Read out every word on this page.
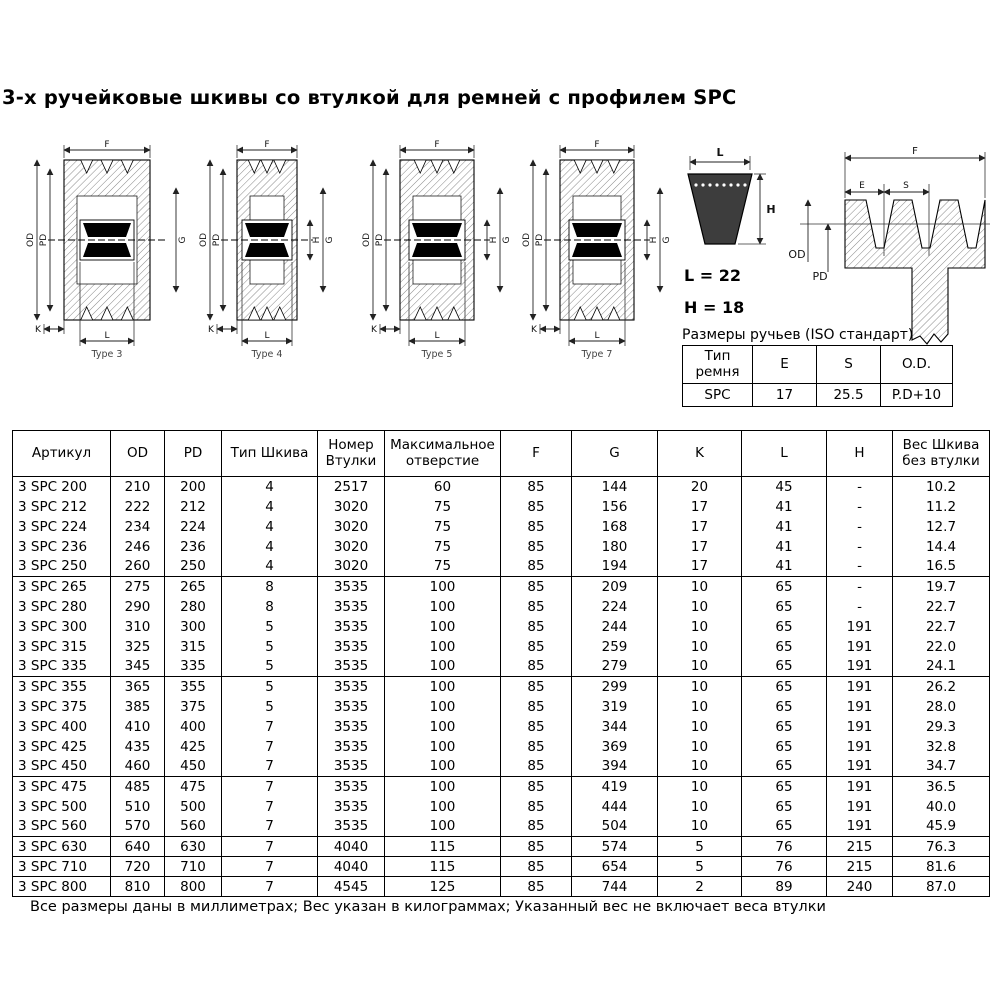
3-х ручейковые шкивы со втулкой для ремней с профилем SPC
F
OD PD	G
K
L
Type 3
F
OD PD	G
H
K
L
Type 4
F
OD PD	G
H
K
L
Type 5
F
OD PD	G
H
K
L
Type 7
L
H
F
E	S
OD
PD
L = 22
H = 18
Размеры ручьев (ISO стандарт)
Тип ремня	E	S	O.D.
SPC	17	25.5	P.D+10
Артикул	OD	PD	Тип Шкива	Номер Втулки	Максимальное отверстие	F	G	K	L	H	Вес Шкива без втулки
3 SPC 200	210	200	4	2517	60	85	144	20	45	-	10.2
3 SPC 212	222	212	4	3020	75	85	156	17	41	-	11.2
3 SPC 224	234	224	4	3020	75	85	168	17	41	-	12.7
3 SPC 236	246	236	4	3020	75	85	180	17	41	-	14.4
3 SPC 250	260	250	4	3020	75	85	194	17	41	-	16.5
3 SPC 265	275	265	8	3535	100	85	209	10	65	-	19.7
3 SPC 280	290	280	8	3535	100	85	224	10	65	-	22.7
3 SPC 300	310	300	5	3535	100	85	244	10	65	191	22.7
3 SPC 315	325	315	5	3535	100	85	259	10	65	191	22.0
3 SPC 335	345	335	5	3535	100	85	279	10	65	191	24.1
3 SPC 355	365	355	5	3535	100	85	299	10	65	191	26.2
3 SPC 375	385	375	5	3535	100	85	319	10	65	191	28.0
3 SPC 400	410	400	7	3535	100	85	344	10	65	191	29.3
3 SPC 425	435	425	7	3535	100	85	369	10	65	191	32.8
3 SPC 450	460	450	7	3535	100	85	394	10	65	191	34.7
3 SPC 475	485	475	7	3535	100	85	419	10	65	191	36.5
3 SPC 500	510	500	7	3535	100	85	444	10	65	191	40.0
3 SPC 560	570	560	7	3535	100	85	504	10	65	191	45.9
3 SPC 630	640	630	7	4040	115	85	574	5	76	215	76.3
3 SPC 710	720	710	7	4040	115	85	654	5	76	215	81.6
3 SPC 800	810	800	7	4545	125	85	744	2	89	240	87.0
Все размеры даны в миллиметрах; Вес указан в килограммах; Указанный вес не включает веса втулки
